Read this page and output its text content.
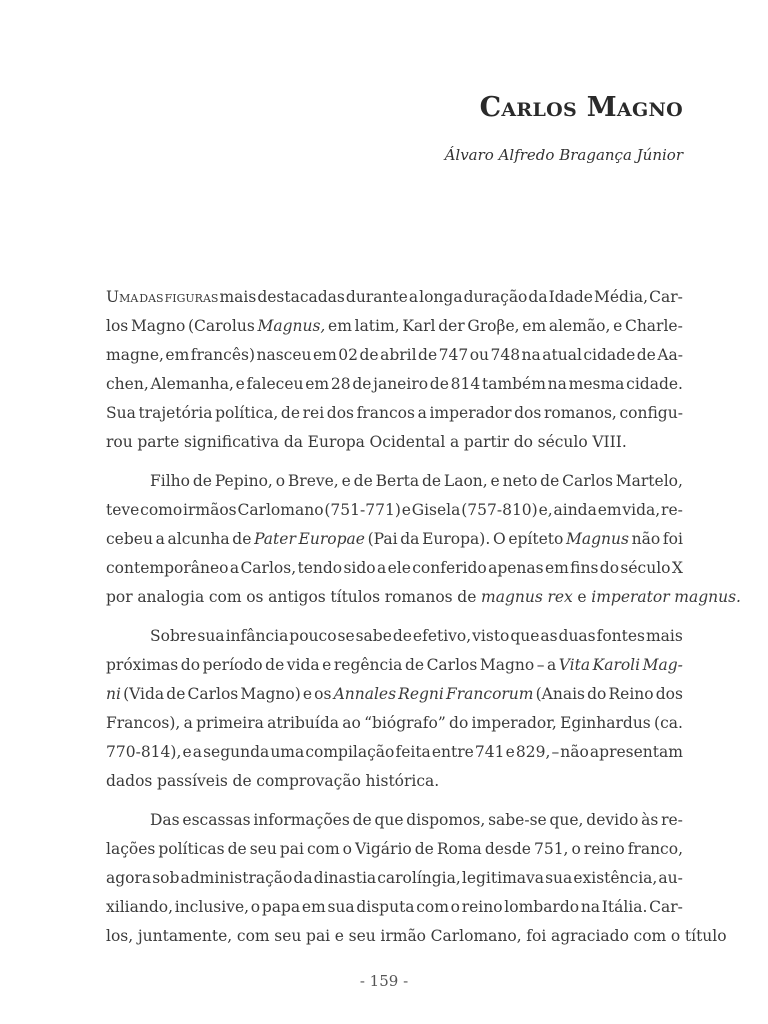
Carlos Magno
Álvaro Alfredo Bragança Júnior
Uma das figuras mais destacadas durante a longa duração da Idade Média, Car-
los Magno (Carolus Magnus, em latim, Karl der Groβe, em alemão, e Charle-
magne, em francês) nasceu em 02 de abril de 747 ou 748 na atual cidade de Aa-
chen, Alemanha, e faleceu em 28 de janeiro de 814 também na mesma cidade.
Sua trajetória política, de rei dos francos a imperador dos romanos, configu-
rou parte significativa da Europa Ocidental a partir do século VIII.
Filho de Pepino, o Breve, e de Berta de Laon, e neto de Carlos Martelo,
teve como irmãos Carlomano (751-771) e Gisela (757-810) e, ainda em vida, re-
cebeu a alcunha de Pater Europae (Pai da Europa). O epíteto Magnus não foi
contemporâneo a Carlos, tendo sido a ele conferido apenas em fins do século X
por analogia com os antigos títulos romanos de magnus rex e imperator magnus.
Sobre sua infância pouco se sabe de efetivo, visto que as duas fontes mais
próximas do período de vida e regência de Carlos Magno – a Vita Karoli Mag-
ni (Vida de Carlos Magno) e os Annales Regni Francorum (Anais do Reino dos
Francos), a primeira atribuída ao “biógrafo” do imperador, Eginhardus (ca.
770-814), e a segunda uma compilação feita entre 741 e 829, – não apresentam
dados passíveis de comprovação histórica.
Das escassas informações de que dispomos, sabe-se que, devido às re-
lações políticas de seu pai com o Vigário de Roma desde 751, o reino franco,
agora sob administração da dinastia carolíngia, legitimava sua existência, au-
xiliando, inclusive, o papa em sua disputa com o reino lombardo na Itália. Car-
los, juntamente, com seu pai e seu irmão Carlomano, foi agraciado com o título
- 159 -
